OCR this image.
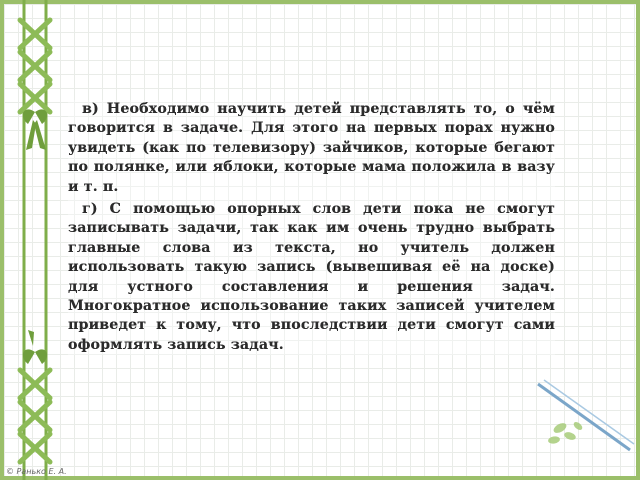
в) Необходимо научить детей представлять то, о чём говорится в задаче. Для этого на первых порах нужно увидеть (как по телевизору) зайчиков, которые бегают по полянке, или яблоки, которые мама положила в вазу и т. п.

г) С помощью опорных слов дети пока не смогут записывать задачи, так как им очень трудно выбрать главные слова из текста, но учитель должен использовать такую запись (вывешивая её на доске) для устного составления и решения задач. Многократное использование таких записей учителем приведет к тому, что впоследствии дети смогут сами оформлять запись задач.

© Ранько Е. А.
